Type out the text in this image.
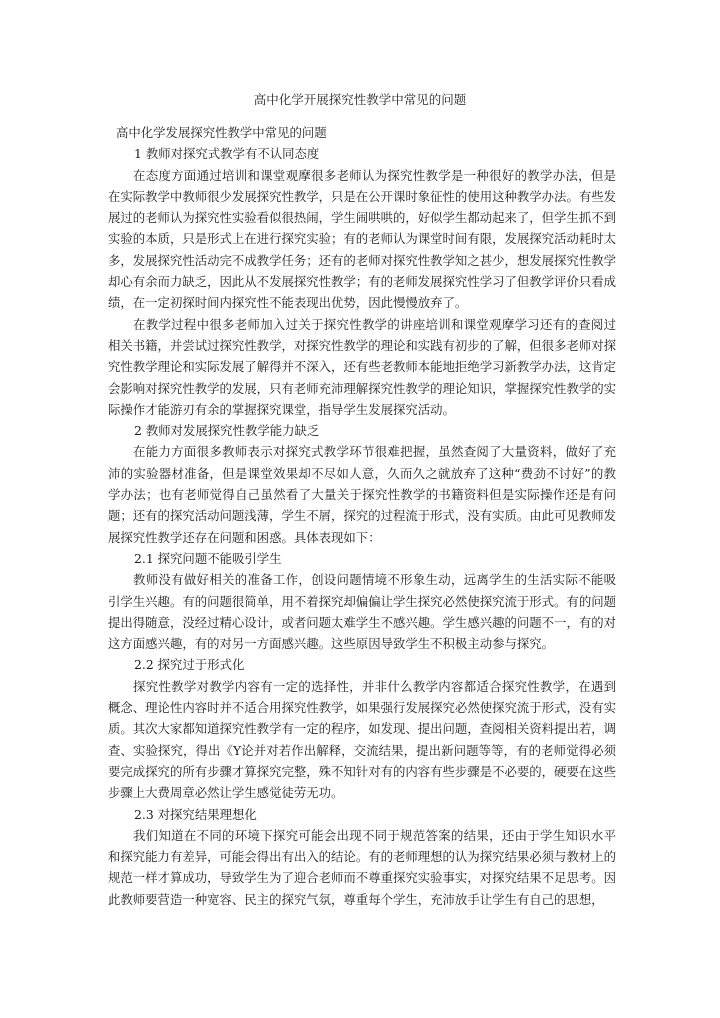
高中化学开展探究性教学中常见的问题

高中化学发展探究性教学中常见的问题

1 教师对探究式教学有不认同态度

在态度方面通过培训和课堂观摩很多老师认为探究性教学是一种很好的教学办法，但是在实际教学中教师很少发展探究性教学，只是在公开课时象征性的使用这种教学办法。有些发展过的老师认为探究性实验看似很热闹，学生闹哄哄的，好似学生都动起来了，但学生抓不到实验的本质，只是形式上在进行探究实验；有的老师认为课堂时间有限，发展探究活动耗时太多，发展探究性活动完不成教学任务；还有的老师对探究性教学知之甚少，想发展探究性教学却心有余而力缺乏，因此从不发展探究性教学；有的老师发展探究性学习了但教学评价只看成绩，在一定初探时间内探究性不能表现出优势，因此慢慢放弃了。

在教学过程中很多老师加入过关于探究性教学的讲座培训和课堂观摩学习还有的查阅过相关书籍，并尝试过探究性教学，对探究性教学的理论和实践有初步的了解，但很多老师对探究性教学理论和实际发展了解得并不深入，还有些老教师本能地拒绝学习新教学办法，这肯定会影响对探究性教学的发展，只有老师充沛理解探究性教学的理论知识，掌握探究性教学的实际操作才能游刃有余的掌握探究课堂，指导学生发展探究活动。

2 教师对发展探究性教学能力缺乏

在能力方面很多教师表示对探究式教学环节很难把握，虽然查阅了大量资料，做好了充沛的实验器材准备，但是课堂效果却不尽如人意，久而久之就放弃了这种“费劲不讨好”的教学办法；也有老师觉得自己虽然看了大量关于探究性教学的书籍资料但是实际操作还是有问题；还有的探究活动问题浅薄，学生不屑，探究的过程流于形式，没有实质。由此可见教师发展探究性教学还存在问题和困惑。具体表现如下：

2.1 探究问题不能吸引学生

教师没有做好相关的准备工作，创设问题情境不形象生动，远离学生的生活实际不能吸引学生兴趣。有的问题很简单，用不着探究却偏偏让学生探究必然使探究流于形式。有的问题提出得随意，没经过精心设计，或者问题太难学生不感兴趣。学生感兴趣的问题不一，有的对这方面感兴趣，有的对另一方面感兴趣。这些原因导致学生不积极主动参与探究。

2.2 探究过于形式化

探究性教学对教学内容有一定的选择性，并非什么教学内容都适合探究性教学，在遇到概念、理论性内容时并不适合用探究性教学，如果强行发展探究必然使探究流于形式，没有实质。其次大家都知道探究性教学有一定的程序，如发现、提出问题，查阅相关资料提出若，调查、实验探究，得出《Y论并对若作出解释，交流结果，提出新问题等等，有的老师觉得必须要完成探究的所有步骤才算探究完整，殊不知针对有的内容有些步骤是不必要的，硬要在这些步骤上大费周章必然让学生感觉徒劳无功。

2.3 对探究结果理想化

我们知道在不同的环境下探究可能会出现不同于规范答案的结果，还由于学生知识水平和探究能力有差异，可能会得出有出入的结论。有的老师理想的认为探究结果必须与教材上的规范一样才算成功，导致学生为了迎合老师而不尊重探究实验事实，对探究结果不足思考。因此教师要营造一种宽容、民主的探究气氛，尊重每个学生，充沛放手让学生有自己的思想，
